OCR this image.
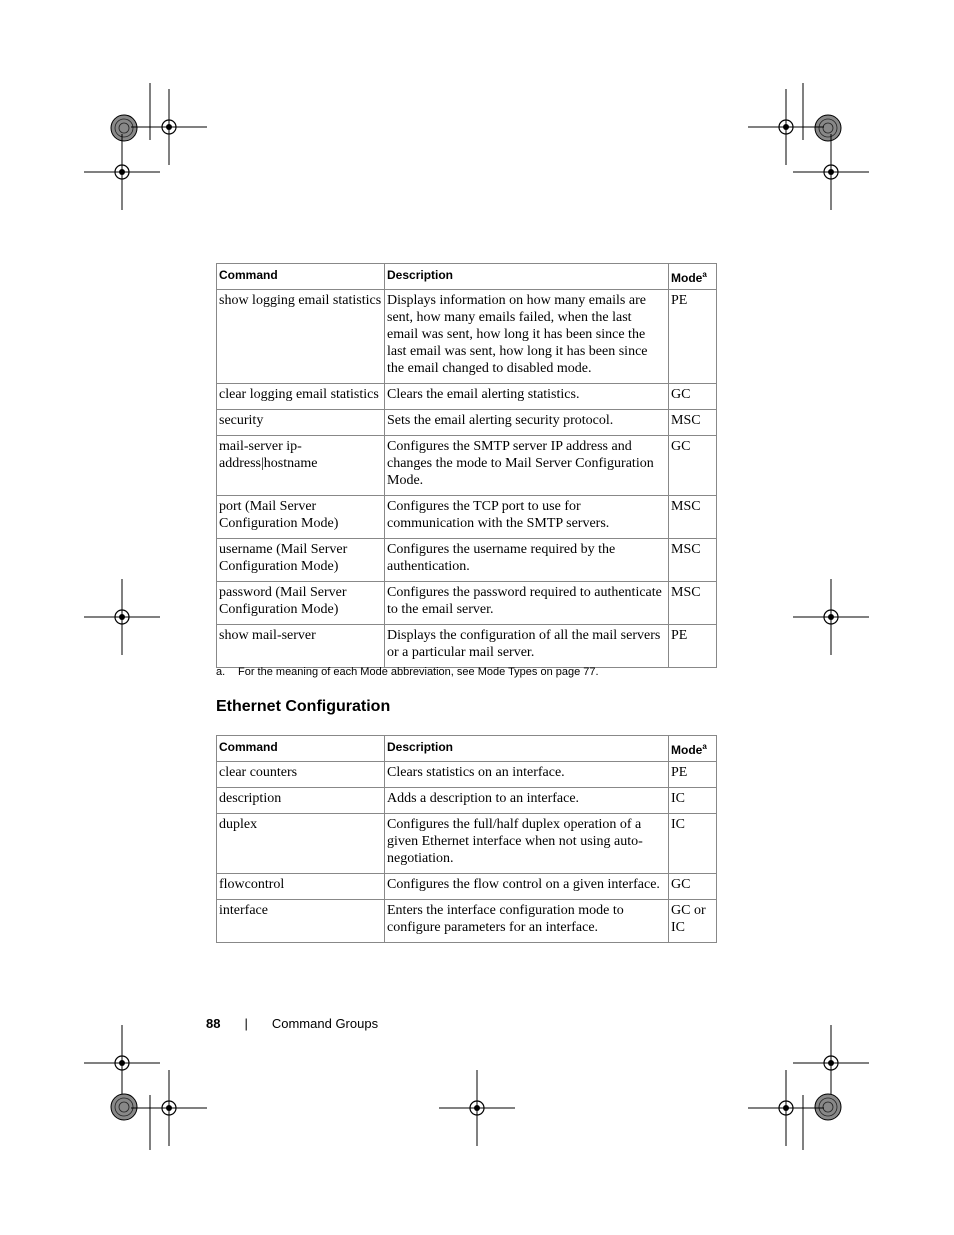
Command	Description	Mode$^a$
show logging email statistics	Displays information on how many emails are sent, how many emails failed, when the last email was sent, how long it has been since the last email was sent, how long it has been since the email changed to disabled mode.	PE
clear logging email statistics	Clears the email alerting statistics.	GC
security	Sets the email alerting security protocol.	MSC
mail-server ip-address|hostname	Configures the SMTP server IP address and changes the mode to Mail Server Configuration Mode.	GC
port (Mail Server Configuration Mode)	Configures the TCP port to use for communication with the SMTP servers.	MSC
username (Mail Server Configuration Mode)	Configures the username required by the authentication.	MSC
password (Mail Server Configuration Mode)	Configures the password required to authenticate to the email server.	MSC
show mail-server	Displays the configuration of all the mail servers or a particular mail server.	PE
a. For the meaning of each Mode abbreviation, see Mode Types on page 77.
Ethernet Configuration
Command	Description	Mode$^a$
clear counters	Clears statistics on an interface.	PE
description	Adds a description to an interface.	IC
duplex	Configures the full/half duplex operation of a given Ethernet interface when not using auto-negotiation.	IC
flowcontrol	Configures the flow control on a given interface.	GC
interface	Enters the interface configuration mode to configure parameters for an interface.	GC or IC
88 | Command Groups
